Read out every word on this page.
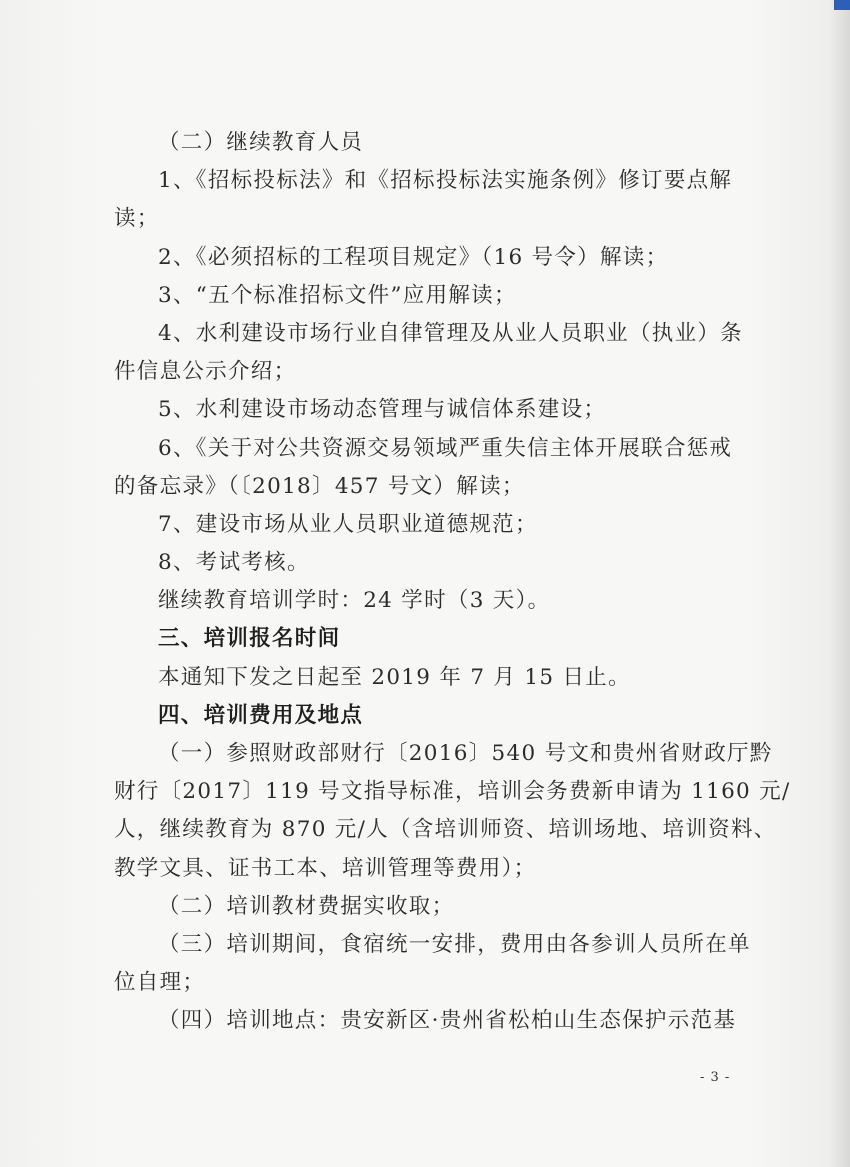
（二）继续教育人员
1、《招标投标法》和《招标投标法实施条例》修订要点解
读；
2、《必须招标的工程项目规定》（16 号令）解读；
3、“五个标准招标文件”应用解读；
4、水利建设市场行业自律管理及从业人员职业（执业）条
件信息公示介绍；
5、水利建设市场动态管理与诚信体系建设；
6、《关于对公共资源交易领域严重失信主体开展联合惩戒
的备忘录》（〔2018〕457 号文）解读；
7、建设市场从业人员职业道德规范；
8、考试考核。
继续教育培训学时：24 学时（3 天）。
三、培训报名时间
本通知下发之日起至 2019 年 7 月 15 日止。
四、培训费用及地点
（一）参照财政部财行〔2016〕540 号文和贵州省财政厅黔
财行〔2017〕119 号文指导标准，培训会务费新申请为 1160 元/
人，继续教育为 870 元/人（含培训师资、培训场地、培训资料、
教学文具、证书工本、培训管理等费用）；
（二）培训教材费据实收取；
（三）培训期间，食宿统一安排，费用由各参训人员所在单
位自理；
（四）培训地点：贵安新区·贵州省松柏山生态保护示范基
- 3 -
